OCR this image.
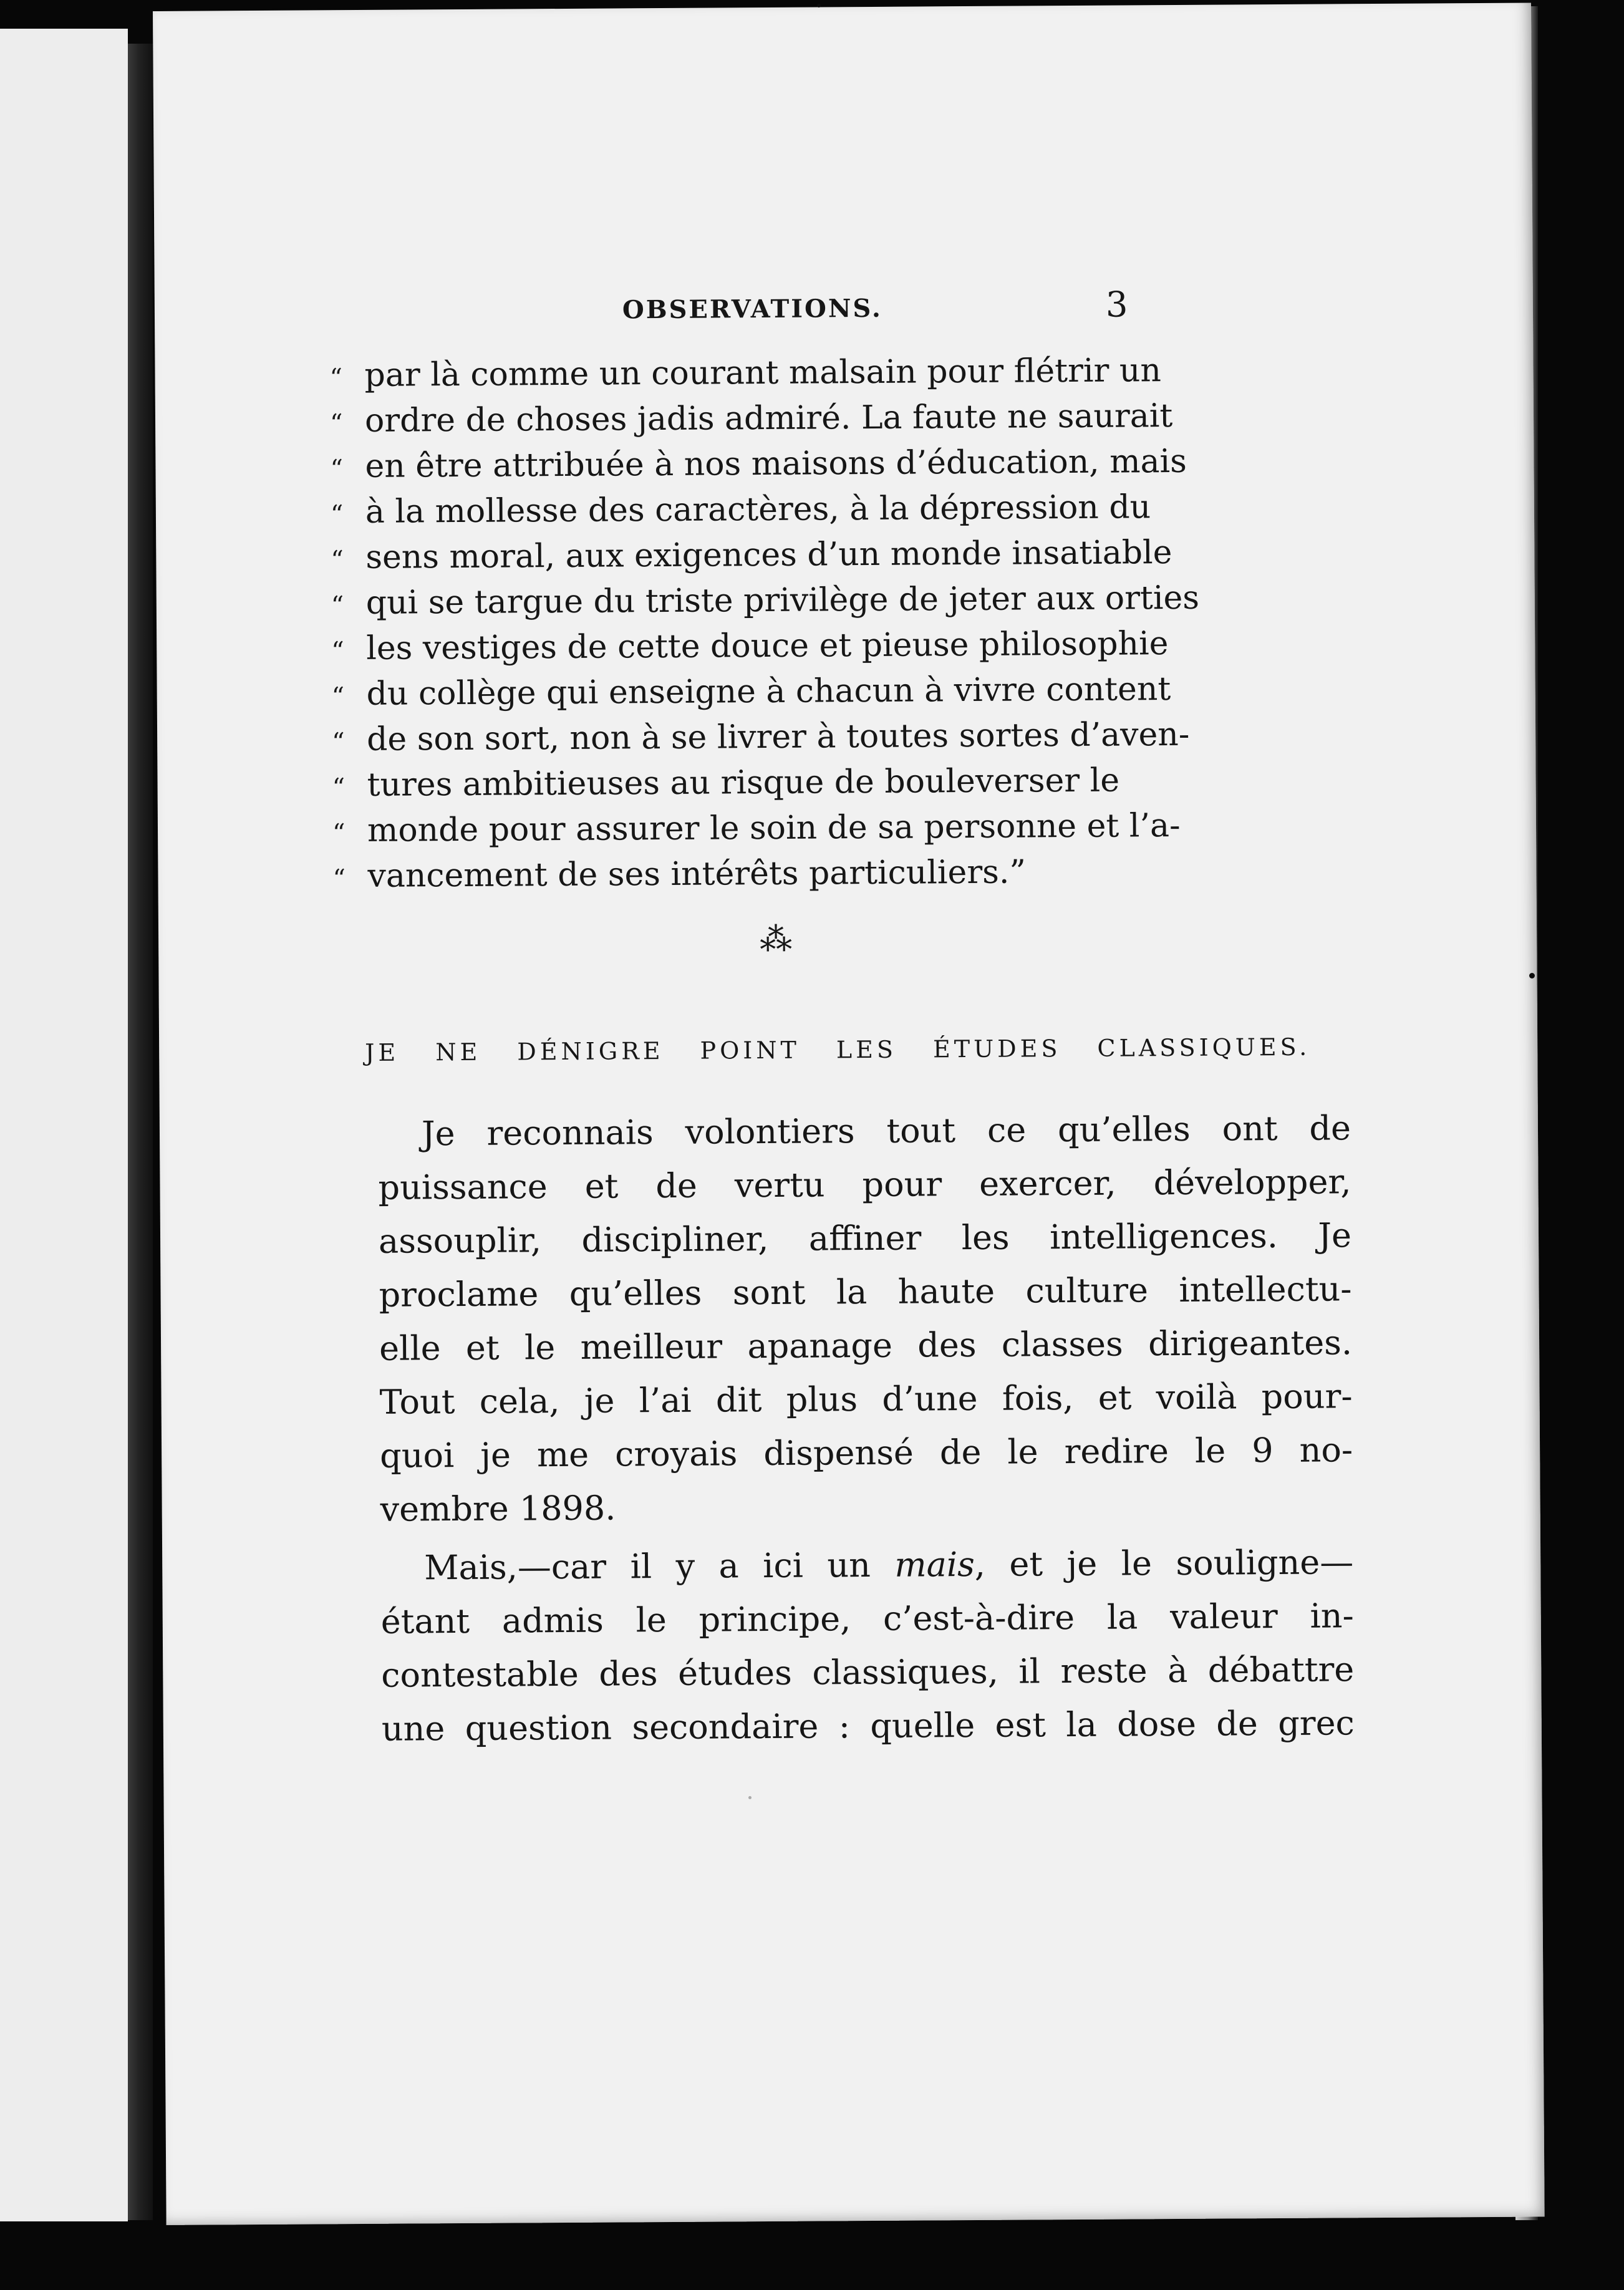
OBSERVATIONS.	3
“ par là comme un courant malsain pour flétrir un
“ ordre de choses jadis admiré. La faute ne saurait
“ en être attribuée à nos maisons d’éducation, mais
“ à la mollesse des caractères, à la dépression du
“ sens moral, aux exigences d’un monde insatiable
“ qui se targue du triste privilège de jeter aux orties
“ les vestiges de cette douce et pieuse philosophie
“ du collège qui enseigne à chacun à vivre content
“ de son sort, non à se livrer à toutes sortes d’aven-
“ tures ambitieuses au risque de bouleverser le
“ monde pour assurer le soin de sa personne et l’a-
“ vancement de ses intérêts particuliers.”
⁂
JE NE DÉNIGRE POINT LES ÉTUDES CLASSIQUES.
Je reconnais volontiers tout ce qu’elles ont de
puissance et de vertu pour exercer, développer,
assouplir, discipliner, affiner les intelligences. Je
proclame qu’elles sont la haute culture intellectu-
elle et le meilleur apanage des classes dirigeantes.
Tout cela, je l’ai dit plus d’une fois, et voilà pour-
quoi je me croyais dispensé de le redire le 9 no-
vembre 1898.
Mais,—car il y a ici un mais, et je le souligne—
étant admis le principe, c’est-à-dire la valeur in-
contestable des études classiques, il reste à débattre
une question secondaire : quelle est la dose de grec
